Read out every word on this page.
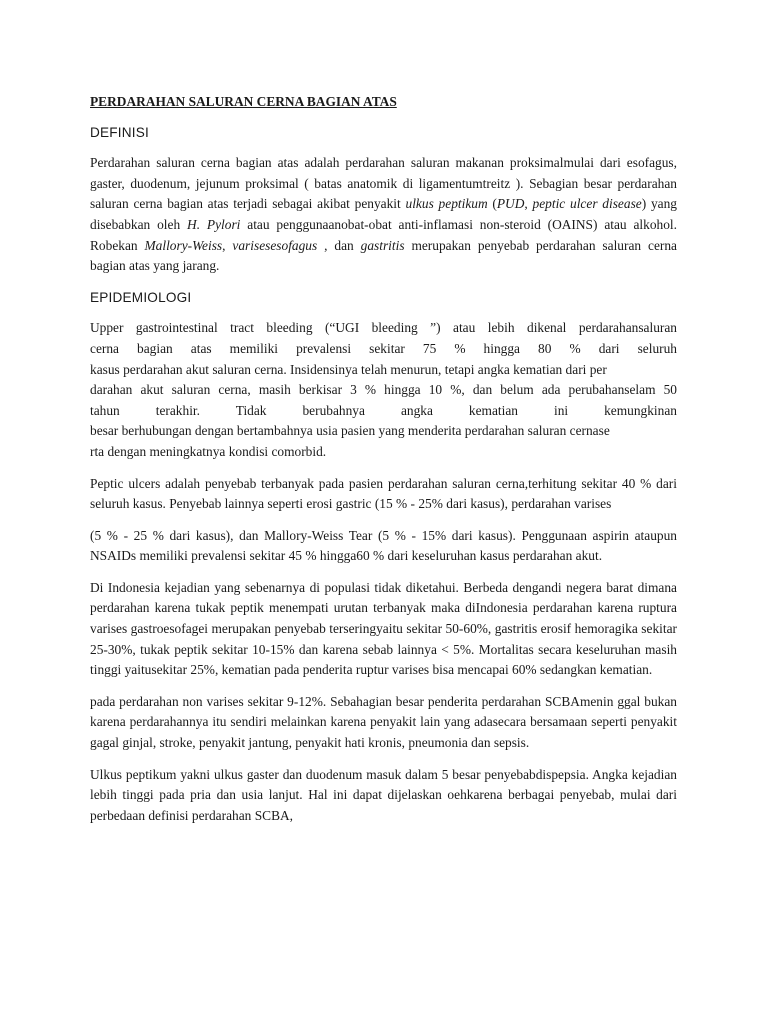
PERDARAHAN SALURAN CERNA BAGIAN ATAS
DEFINISI
Perdarahan saluran cerna bagian atas adalah perdarahan saluran makanan proksimalmulai dari esofagus, gaster, duodenum, jejunum proksimal ( batas anatomik di ligamentumtreitz ). Sebagian besar perdarahan saluran cerna bagian atas terjadi sebagai akibat penyakit ulkus peptikum (PUD, peptic ulcer disease) yang disebabkan oleh H. Pylori atau penggunaanobat-obat anti-inflamasi non-steroid (OAINS) atau alkohol. Robekan Mallory-Weiss, varisesesofagus , dan gastritis merupakan penyebab perdarahan saluran cerna bagian atas yang jarang.
EPIDEMIOLOGI
Upper gastrointestinal tract bleeding (“UGI bleeding ”) atau lebih dikenal perdarahansaluran
cerna bagian atas memiliki prevalensi sekitar 75 % hingga 80 % dari seluruh
kasus perdarahan akut saluran cerna. Insidensinya telah menurun, tetapi angka kematian dari per
darahan akut saluran cerna, masih berkisar 3 % hingga 10 %, dan belum ada perubahanselam 50
tahun terakhir. Tidak berubahnya angka kematian ini kemungkinan
besar berhubungan dengan bertambahnya usia pasien yang menderita perdarahan saluran cernase
rta dengan meningkatnya kondisi comorbid.
Peptic ulcers adalah penyebab terbanyak pada pasien perdarahan saluran cerna,terhitung sekitar 40 % dari seluruh kasus. Penyebab lainnya seperti erosi gastric (15 % - 25% dari kasus), perdarahan varises
(5 % - 25 % dari kasus), dan Mallory-Weiss Tear (5 % - 15% dari kasus). Penggunaan aspirin ataupun NSAIDs memiliki prevalensi sekitar 45 % hingga60 % dari keseluruhan kasus perdarahan akut.
Di Indonesia kejadian yang sebenarnya di populasi tidak diketahui. Berbeda dengandi negera barat dimana perdarahan karena tukak peptik menempati urutan terbanyak maka diIndonesia perdarahan karena ruptura varises gastroesofagei merupakan penyebab terseringyaitu sekitar 50-60%, gastritis erosif hemoragika sekitar 25-30%, tukak peptik sekitar 10-15% dan karena sebab lainnya < 5%. Mortalitas secara keseluruhan masih tinggi yaitusekitar 25%, kematian pada penderita ruptur varises bisa mencapai 60% sedangkan kematian.
pada perdarahan non varises sekitar 9-12%. Sebahagian besar penderita perdarahan SCBAmenin ggal bukan karena perdarahannya itu sendiri melainkan karena penyakit lain yang adasecara bersamaan seperti penyakit gagal ginjal, stroke, penyakit jantung, penyakit hati kronis, pneumonia dan sepsis.
Ulkus peptikum yakni ulkus gaster dan duodenum masuk dalam 5 besar penyebabdispepsia. Angka kejadian lebih tinggi pada pria dan usia lanjut. Hal ini dapat dijelaskan oehkarena berbagai penyebab, mulai dari perbedaan definisi perdarahan SCBA,
